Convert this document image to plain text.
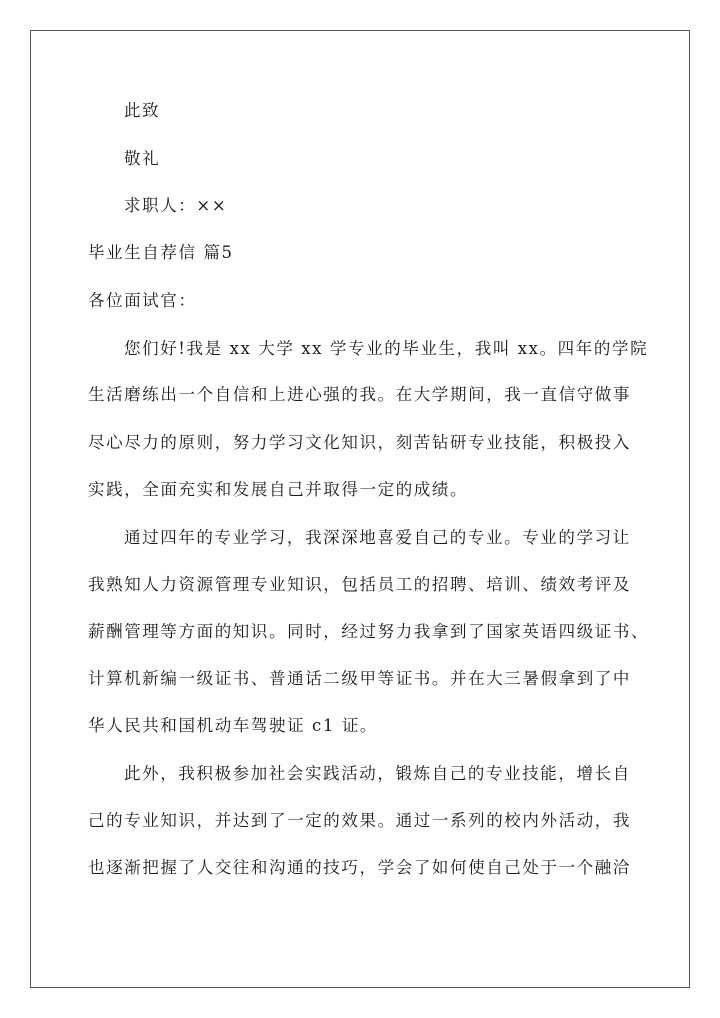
此致
敬礼
求职人：××
毕业生自荐信 篇5
各位面试官：
您们好!我是 xx 大学 xx 学专业的毕业生，我叫 xx。四年的学院
生活磨练出一个自信和上进心强的我。在大学期间，我一直信守做事
尽心尽力的原则，努力学习文化知识，刻苦钻研专业技能，积极投入
实践，全面充实和发展自己并取得一定的成绩。
通过四年的专业学习，我深深地喜爱自己的专业。专业的学习让
我熟知人力资源管理专业知识，包括员工的招聘、培训、绩效考评及
薪酬管理等方面的知识。同时，经过努力我拿到了国家英语四级证书、
计算机新编一级证书、普通话二级甲等证书。并在大三暑假拿到了中
华人民共和国机动车驾驶证 c1 证。
此外，我积极参加社会实践活动，锻炼自己的专业技能，增长自
己的专业知识，并达到了一定的效果。通过一系列的校内外活动，我
也逐渐把握了人交往和沟通的技巧，学会了如何使自己处于一个融洽
